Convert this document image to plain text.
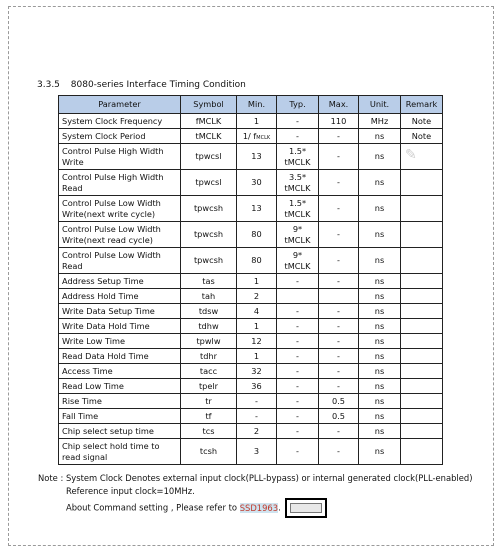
3.3.5 8080-series Interface Timing Condition
Parameter	Symbol	Min.	Typ.	Max.	Unit.	Remark
System Clock Frequency	fMCLK	1	-	110	MHz	Note
System Clock Period	tMCLK	1/ fMCLK	-	-	ns	Note
Control Pulse High Width Write	tpwcsl	13	1.5* tMCLK	-	ns	
Control Pulse High Width Read	tpwcsl	30	3.5* tMCLK	-	ns	
Control Pulse Low Width Write(next write cycle)	tpwcsh	13	1.5* tMCLK	-	ns	
Control Pulse Low Width Write(next read cycle)	tpwcsh	80	9* tMCLK	-	ns	
Control Pulse Low Width Read	tpwcsh	80	9* tMCLK	-	ns	
Address Setup Time	tas	1	-	-	ns	
Address Hold Time	tah	2			ns	
Write Data Setup Time	tdsw	4	-	-	ns	
Write Data Hold Time	tdhw	1	-	-	ns	
Write Low Time	tpwlw	12	-	-	ns	
Read Data Hold Time	tdhr	1	-	-	ns	
Access Time	tacc	32	-	-	ns	
Read Low Time	tpelr	36	-	-	ns	
Rise Time	tr	-	-	0.5	ns	
Fall Time	tf	-	-	0.5	ns	
Chip select setup time	tcs	2	-	-	ns	
Chip select hold time to read signal	tcsh	3	-	-	ns	
✎
Note : System Clock Denotes external input clock(PLL-bypass) or internal generated clock(PLL-enabled)
Reference input clock=10MHz.
About Command setting , Please refer to SSD1963.
